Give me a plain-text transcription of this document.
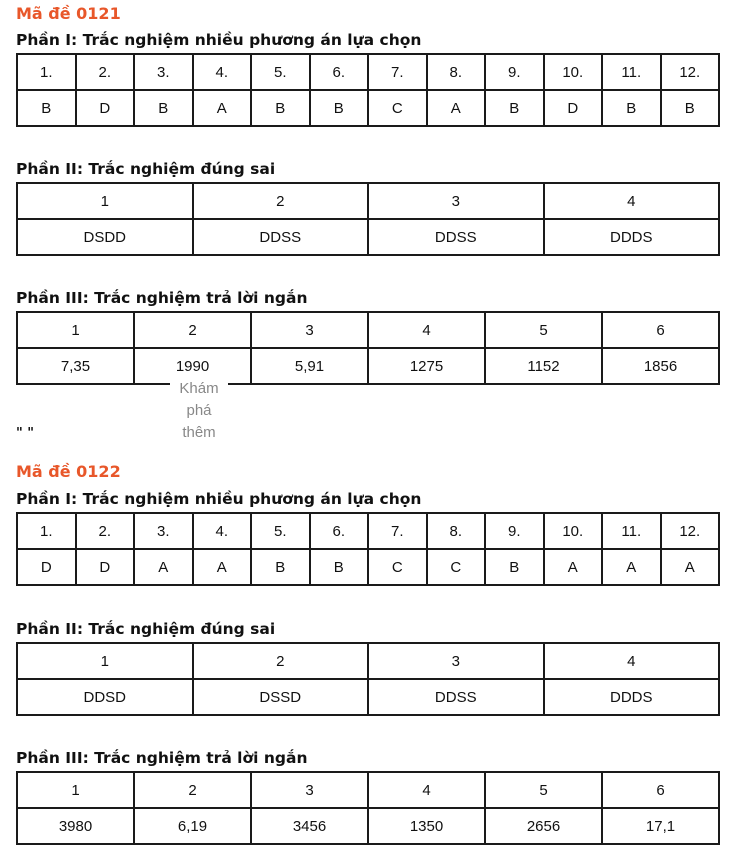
Mã đề 0121
Phần I: Trắc nghiệm nhiều phương án lựa chọn
1.	2.	3.	4.	5.	6.	7.	8.	9.	10.	11.	12.
B	D	B	A	B	B	C	A	B	D	B	B
Phần II: Trắc nghiệm đúng sai
1	2	3	4
DSDD	DDSS	DDSS	DDDS
Phần III: Trắc nghiệm trả lời ngắn
1	2	3	4	5	6
7,35	1990	5,91	1275	1152	1856
Khám
phá
thêm
" "
Mã đề 0122
Phần I: Trắc nghiệm nhiều phương án lựa chọn
1.	2.	3.	4.	5.	6.	7.	8.	9.	10.	11.	12.
D	D	A	A	B	B	C	C	B	A	A	A
Phần II: Trắc nghiệm đúng sai
1	2	3	4
DDSD	DSSD	DDSS	DDDS
Phần III: Trắc nghiệm trả lời ngắn
1	2	3	4	5	6
3980	6,19	3456	1350	2656	17,1
